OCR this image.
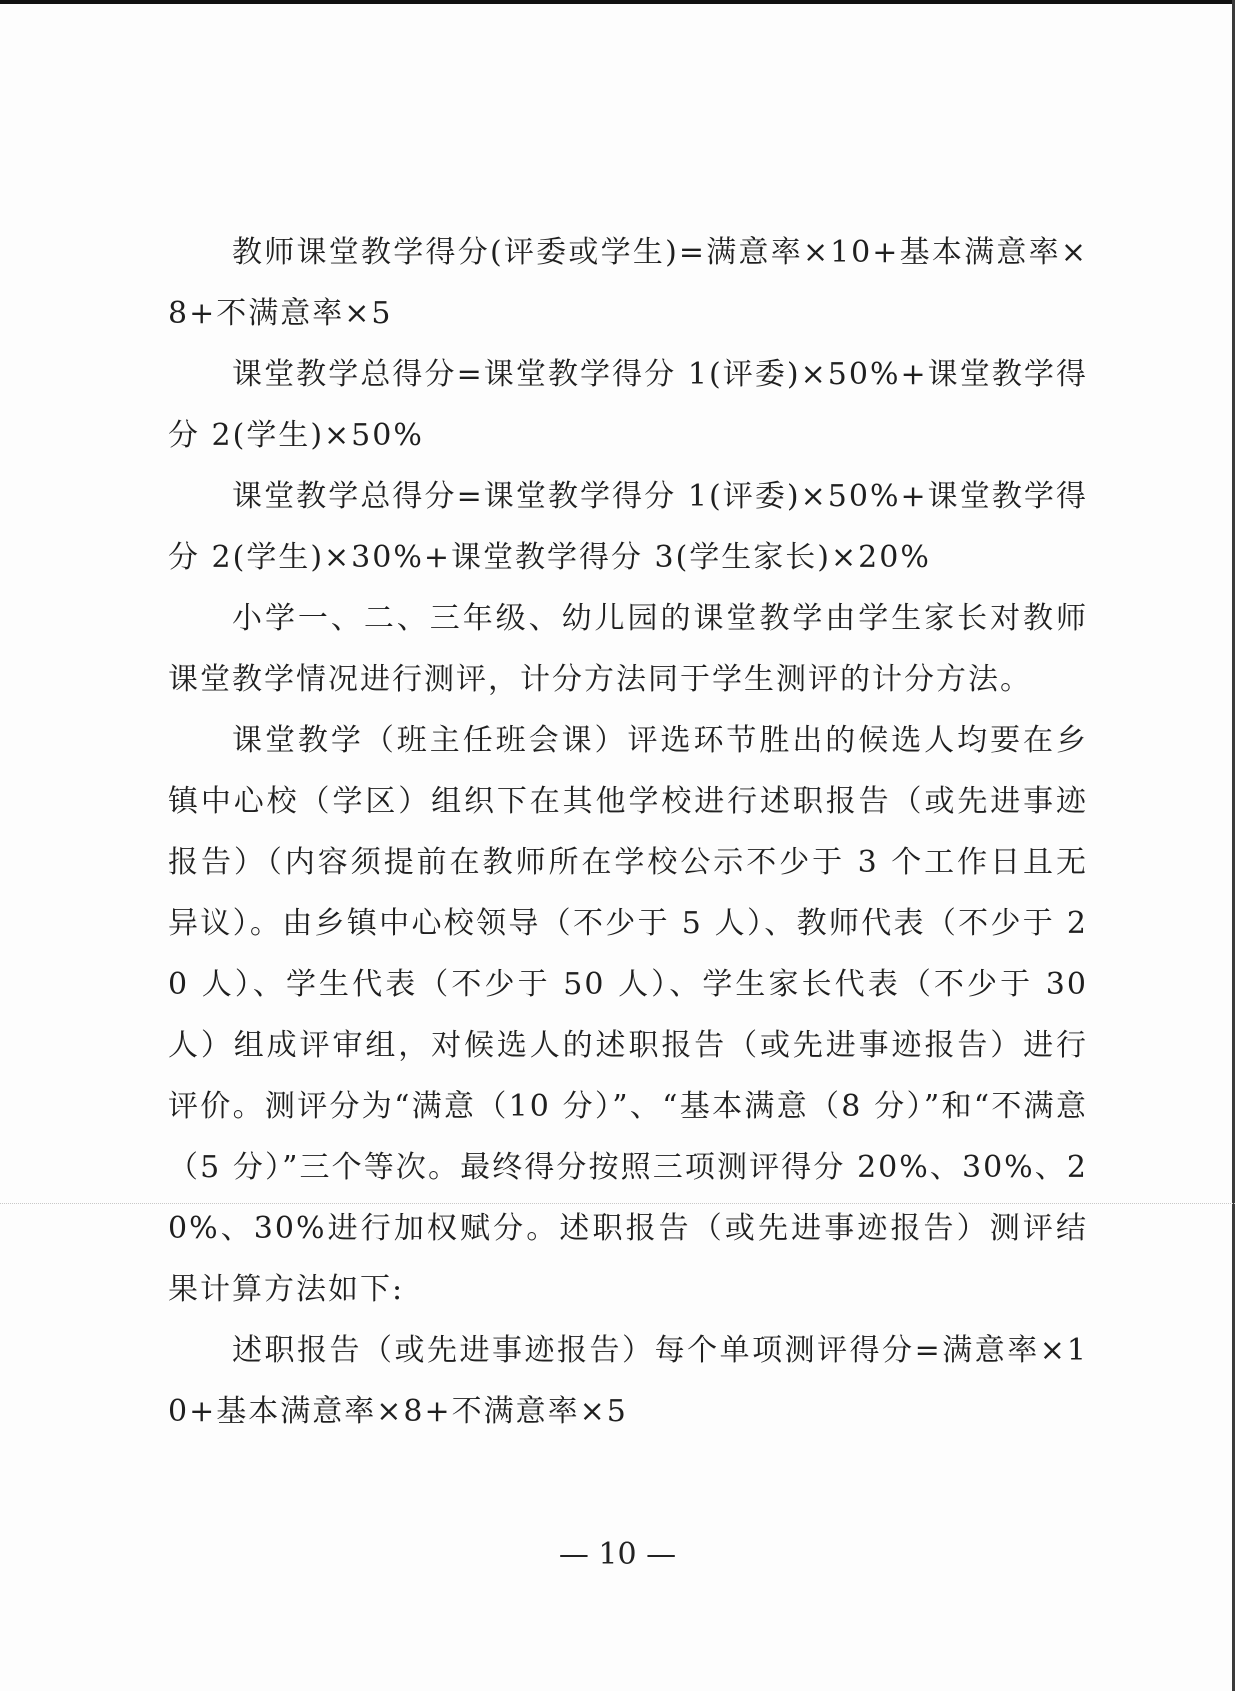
教师课堂教学得分(评委或学生)=满意率×10+基本满意率×8+不满意率×5

课堂教学总得分=课堂教学得分 1(评委)×50%+课堂教学得分 2(学生)×50%

课堂教学总得分=课堂教学得分 1(评委)×50%+课堂教学得分 2(学生)×30%+课堂教学得分 3(学生家长)×20%

小学一、二、三年级、幼儿园的课堂教学由学生家长对教师课堂教学情况进行测评，计分方法同于学生测评的计分方法。

课堂教学（班主任班会课）评选环节胜出的候选人均要在乡镇中心校（学区）组织下在其他学校进行述职报告（或先进事迹报告）（内容须提前在教师所在学校公示不少于 3 个工作日且无异议）。由乡镇中心校领导（不少于 5 人）、教师代表（不少于 20 人）、学生代表（不少于 50 人）、学生家长代表（不少于 30 人）组成评审组，对候选人的述职报告（或先进事迹报告）进行评价。测评分为“满意（10 分）”、“基本满意（8 分）”和“不满意（5 分）”三个等次。最终得分按照三项测评得分 20%、30%、20%、30%进行加权赋分。述职报告（或先进事迹报告）测评结果计算方法如下:

述职报告（或先进事迹报告）每个单项测评得分=满意率×10+基本满意率×8+不满意率×5

— 10 —
